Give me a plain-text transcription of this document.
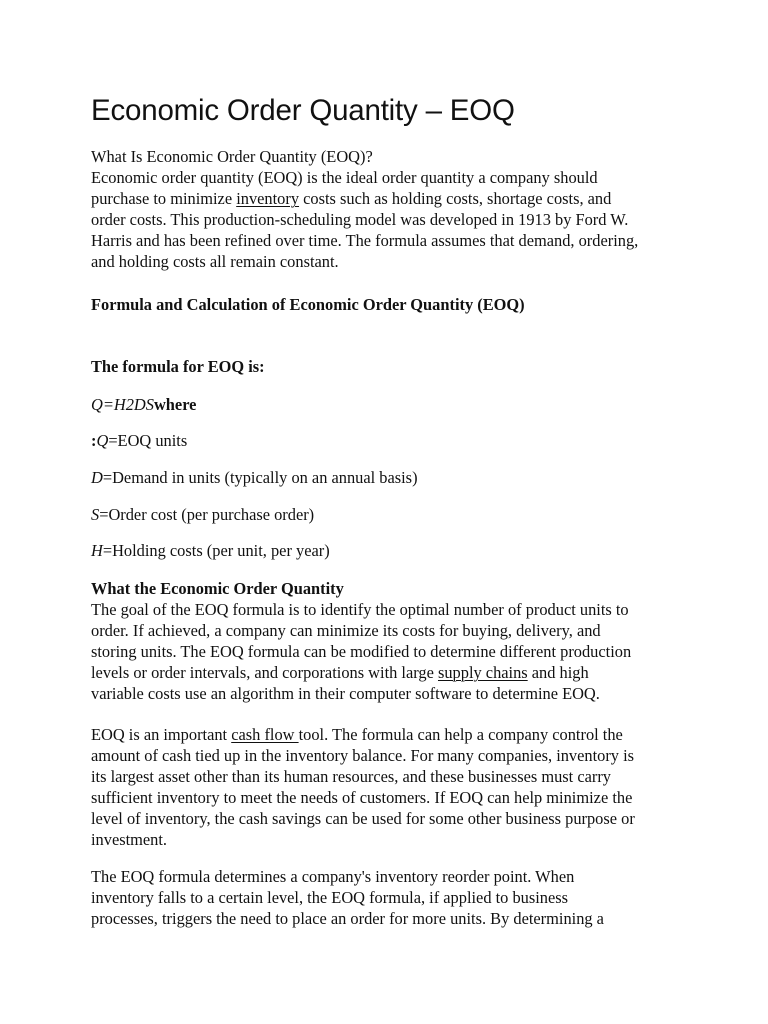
Economic Order Quantity – EOQ
What Is Economic Order Quantity (EOQ)?
Economic order quantity (EOQ) is the ideal order quantity a company should
purchase to minimize inventory costs such as holding costs, shortage costs, and
order costs. This production-scheduling model was developed in 1913 by Ford W.
Harris and has been refined over time. The formula assumes that demand, ordering,
and holding costs all remain constant.
Formula and Calculation of Economic Order Quantity (EOQ)
The formula for EOQ is:
Q=H2DSwhere
:Q=EOQ units
D=Demand in units (typically on an annual basis)
S=Order cost (per purchase order)
H=Holding costs (per unit, per year)
What the Economic Order Quantity
The goal of the EOQ formula is to identify the optimal number of product units to
order. If achieved, a company can minimize its costs for buying, delivery, and
storing units. The EOQ formula can be modified to determine different production
levels or order intervals, and corporations with large supply chains and high
variable costs use an algorithm in their computer software to determine EOQ.
EOQ is an important cash flow tool. The formula can help a company control the
amount of cash tied up in the inventory balance. For many companies, inventory is
its largest asset other than its human resources, and these businesses must carry
sufficient inventory to meet the needs of customers. If EOQ can help minimize the
level of inventory, the cash savings can be used for some other business purpose or
investment.
The EOQ formula determines a company's inventory reorder point. When
inventory falls to a certain level, the EOQ formula, if applied to business
processes, triggers the need to place an order for more units. By determining a
